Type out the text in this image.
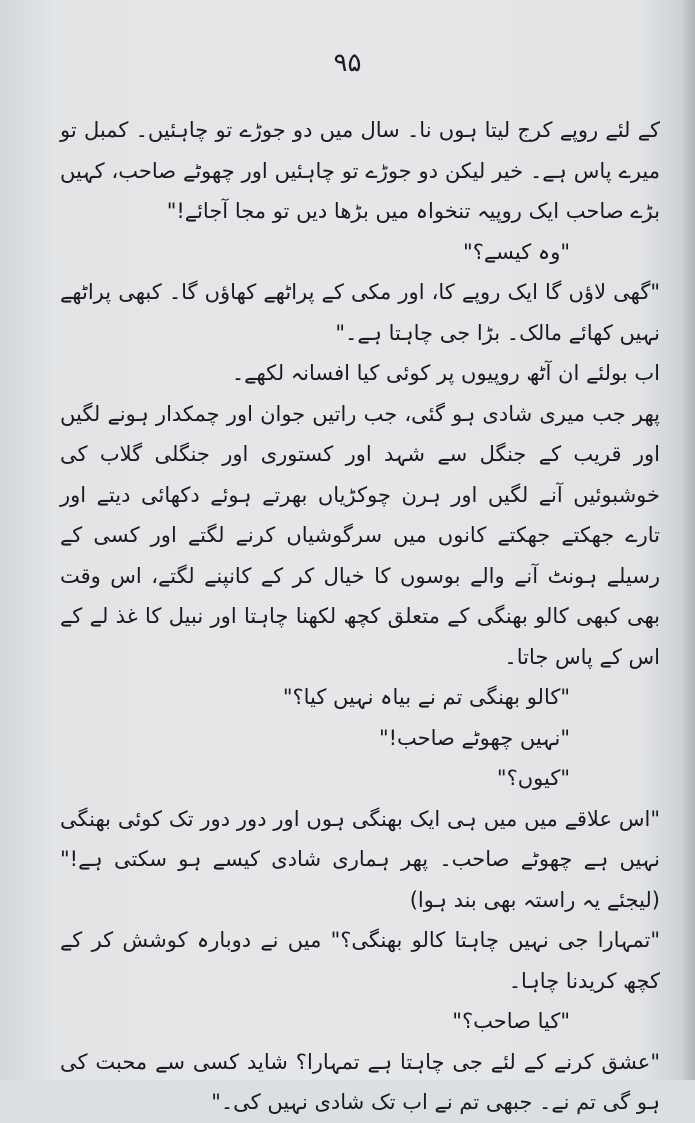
۹۵

کے لئے روپے کرج لیتا ہوں نا۔ سال میں دو جوڑے تو چاہئیں۔ کمبل تو میرے پاس ہے۔ خیر لیکن دو جوڑے تو چاہئیں اور چھوٹے صاحب، کہیں بڑے صاحب ایک روپیہ تنخواہ میں بڑھا دیں تو مجا آجائے!"

"وہ کیسے؟"

"گھی لاؤں گا ایک روپے کا، اور مکی کے پراٹھے کھاؤں گا۔ کبھی پراٹھے نہیں کھائے مالک۔ بڑا جی چاہتا ہے۔"

اب بولئے ان آٹھ روپیوں پر کوئی کیا افسانہ لکھے۔

پھر جب میری شادی ہو گئی، جب راتیں جوان اور چمکدار ہونے لگیں اور قریب کے جنگل سے شہد اور کستوری اور جنگلی گلاب کی خوشبوئیں آنے لگیں اور ہرن چوکڑیاں بھرتے ہوئے دکھائی دیتے اور تارے جھکتے جھکتے کانوں میں سرگوشیاں کرنے لگتے اور کسی کے رسیلے ہونٹ آنے والے بوسوں کا خیال کر کے کانپنے لگتے، اس وقت بھی کبھی کالو بھنگی کے متعلق کچھ لکھنا چاہتا اور نبیل کا غذ لے کے اس کے پاس جاتا۔

"کالو بھنگی تم نے بیاہ نہیں کیا؟"

"نہیں چھوٹے صاحب!"

"کیوں؟"

"اس علاقے میں میں ہی ایک بھنگی ہوں اور دور دور تک کوئی بھنگی نہیں ہے چھوٹے صاحب۔ پھر ہماری شادی کیسے ہو سکتی ہے!" (لیجئے یہ راستہ بھی بند ہوا)

"تمہارا جی نہیں چاہتا کالو بھنگی؟" میں نے دوبارہ کوشش کر کے کچھ کریدنا چاہا۔

"کیا صاحب؟"

"عشق کرنے کے لئے جی چاہتا ہے تمہارا؟ شاید کسی سے محبت کی ہو گی تم نے۔ جبھی تم نے اب تک شادی نہیں کی۔"
